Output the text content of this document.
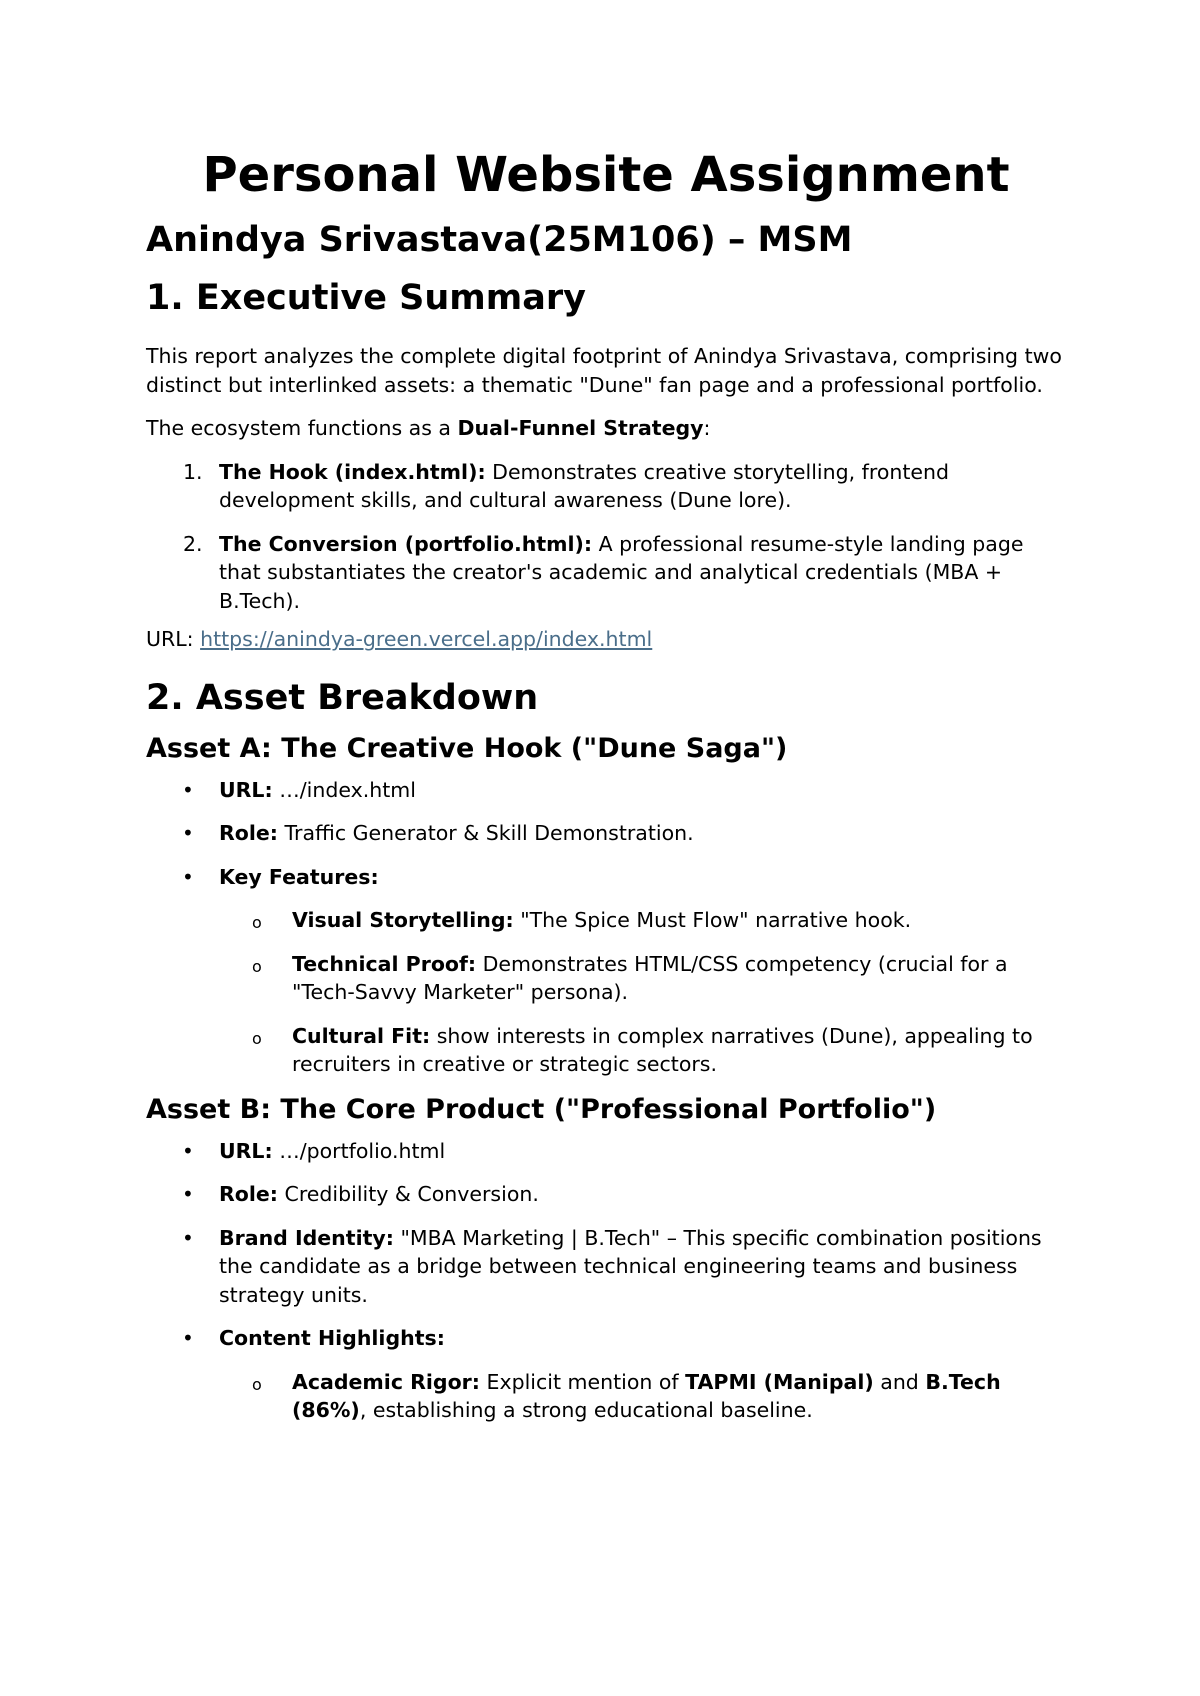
Personal Website Assignment
Anindya Srivastava(25M106) – MSM
1. Executive Summary

This report analyzes the complete digital footprint of Anindya Srivastava, comprising two distinct but interlinked assets: a thematic "Dune" fan page and a professional portfolio.

The ecosystem functions as a Dual-Funnel Strategy:

1. The Hook (index.html): Demonstrates creative storytelling, frontend development skills, and cultural awareness (Dune lore).
2. The Conversion (portfolio.html): A professional resume-style landing page that substantiates the creator's academic and analytical credentials (MBA + B.Tech).

URL: https://anindya-green.vercel.app/index.html

2. Asset Breakdown
Asset A: The Creative Hook ("Dune Saga")
• URL: …/index.html
• Role: Traffic Generator & Skill Demonstration.
• Key Features:
o Visual Storytelling: "The Spice Must Flow" narrative hook.
o Technical Proof: Demonstrates HTML/CSS competency (crucial for a "Tech-Savvy Marketer" persona).
o Cultural Fit: show interests in complex narratives (Dune), appealing to recruiters in creative or strategic sectors.
Asset B: The Core Product ("Professional Portfolio")
• URL: …/portfolio.html
• Role: Credibility & Conversion.
• Brand Identity: "MBA Marketing | B.Tech" – This specific combination positions the candidate as a bridge between technical engineering teams and business strategy units.
• Content Highlights:
o Academic Rigor: Explicit mention of TAPMI (Manipal) and B.Tech (86%), establishing a strong educational baseline.
